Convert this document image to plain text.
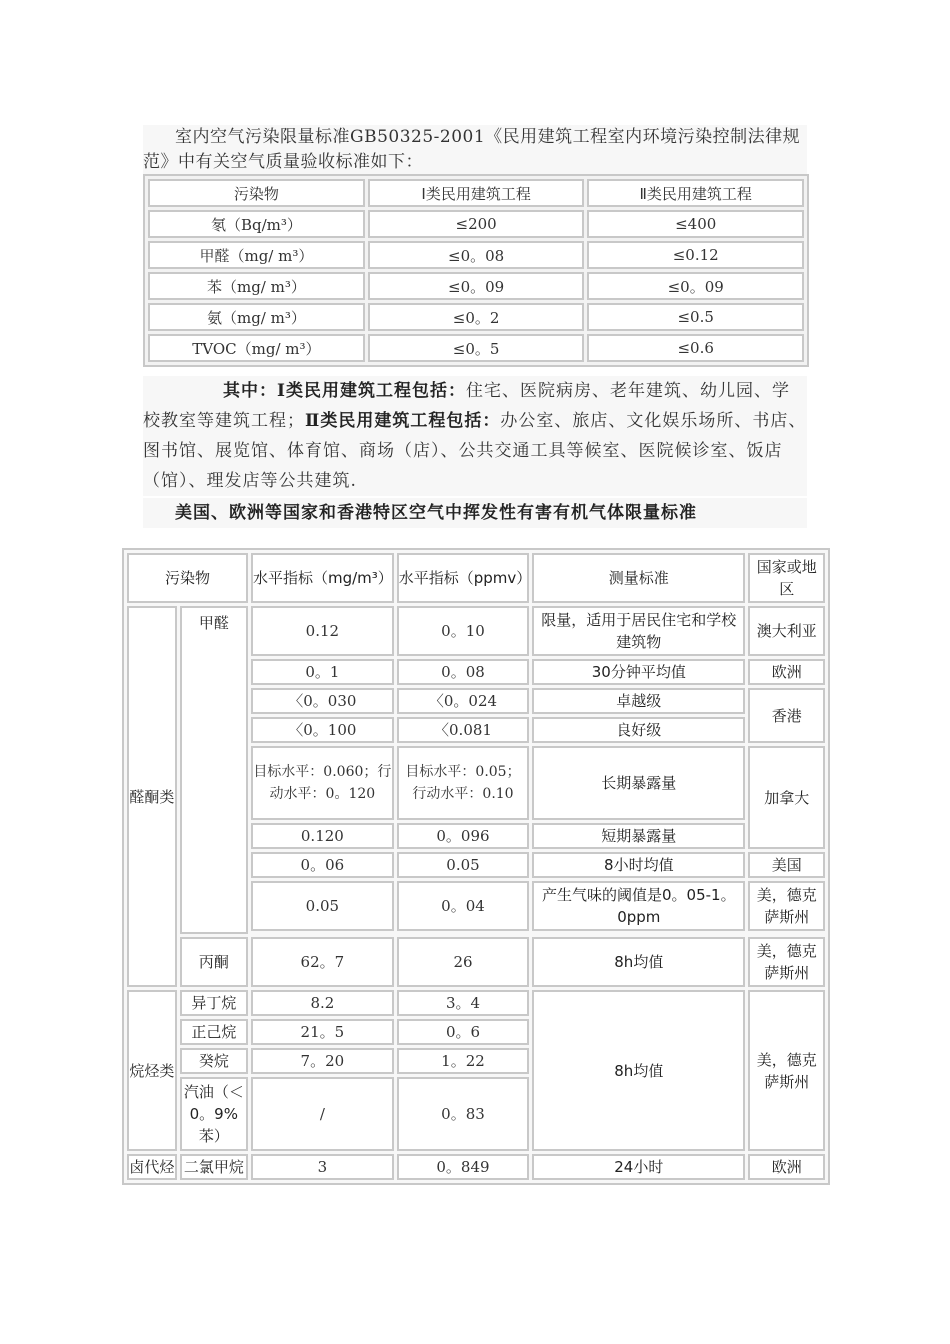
室内空气污染限量标准GB50325-2001《民用建筑工程室内环境污染控制法律规范》中有关空气质量验收标准如下：
污染物	Ⅰ类民用建筑工程	Ⅱ类民用建筑工程
氡（Bq/m³）	≤200	≤400
甲醛（mg/ m³）	≤0。08	≤0.12
苯（mg/ m³）	≤0。09	≤0。09
氨（mg/ m³）	≤0。2	≤0.5
TVOC（mg/ m³）	≤0。5	≤0.6
其中：Ⅰ类民用建筑工程包括：住宅、医院病房、老年建筑、幼儿园、学校教室等建筑工程；Ⅱ类民用建筑工程包括：办公室、旅店、文化娱乐场所、书店、图书馆、展览馆、体育馆、商场（店）、公共交通工具等候室、医院候诊室、饭店（馆）、理发店等公共建筑.
美国、欧洲等国家和香港特区空气中挥发性有害有机气体限量标准
污染物		水平指标（mg/m³）	水平指标（ppmv）	测量标准	国家或地区
醛酮类	甲醛	0.12	0。10	限量，适用于居民住宅和学校建筑物	澳大利亚
		0。1	0。08	30分钟平均值	欧洲
		〈0。030	〈0。024	卓越级	香港
		〈0。100	〈0.081	良好级	
		目标水平：0.060；行动水平：0。120	目标水平：0.05；行动水平：0.10	长期暴露量	加拿大
		0.120	0。096	短期暴露量	
		0。06	0.05	8小时均值	美国
		0.05	0。04	产生气味的阈值是0。05-1。0ppm	美，德克萨斯州

	丙酮	62。7	26	8h均值	美，德克萨斯州
烷烃类	异丁烷	8.2	3。4	8h均值	美，德克萨斯州
	正己烷	21。5	0。6		
	癸烷	7。20	1。22		
	汽油（＜0。9%苯）	/	0。83		
卤代烃	二氯甲烷	3	0。849	24小时	欧洲
